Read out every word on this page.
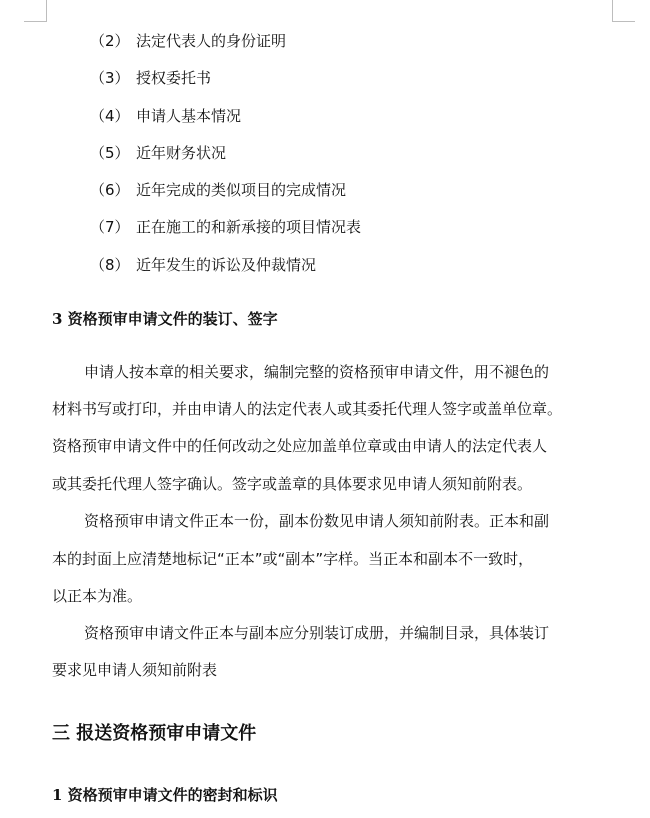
（2） 法定代表人的身份证明
（3） 授权委托书
（4） 申请人基本情况
（5） 近年财务状况
（6） 近年完成的类似项目的完成情况
（7） 正在施工的和新承接的项目情况表
（8） 近年发生的诉讼及仲裁情况
3 资格预审申请文件的装订、签字
申请人按本章的相关要求，编制完整的资格预审申请文件，用不褪色的
材料书写或打印，并由申请人的法定代表人或其委托代理人签字或盖单位章。
资格预审申请文件中的任何改动之处应加盖单位章或由申请人的法定代表人
或其委托代理人签字确认。签字或盖章的具体要求见申请人须知前附表。
资格预审申请文件正本一份，副本份数见申请人须知前附表。正本和副
本的封面上应清楚地标记“正本”或“副本”字样。当正本和副本不一致时，
以正本为准。
资格预审申请文件正本与副本应分别装订成册，并编制目录，具体装订
要求见申请人须知前附表
三 报送资格预审申请文件
1 资格预审申请文件的密封和标识
